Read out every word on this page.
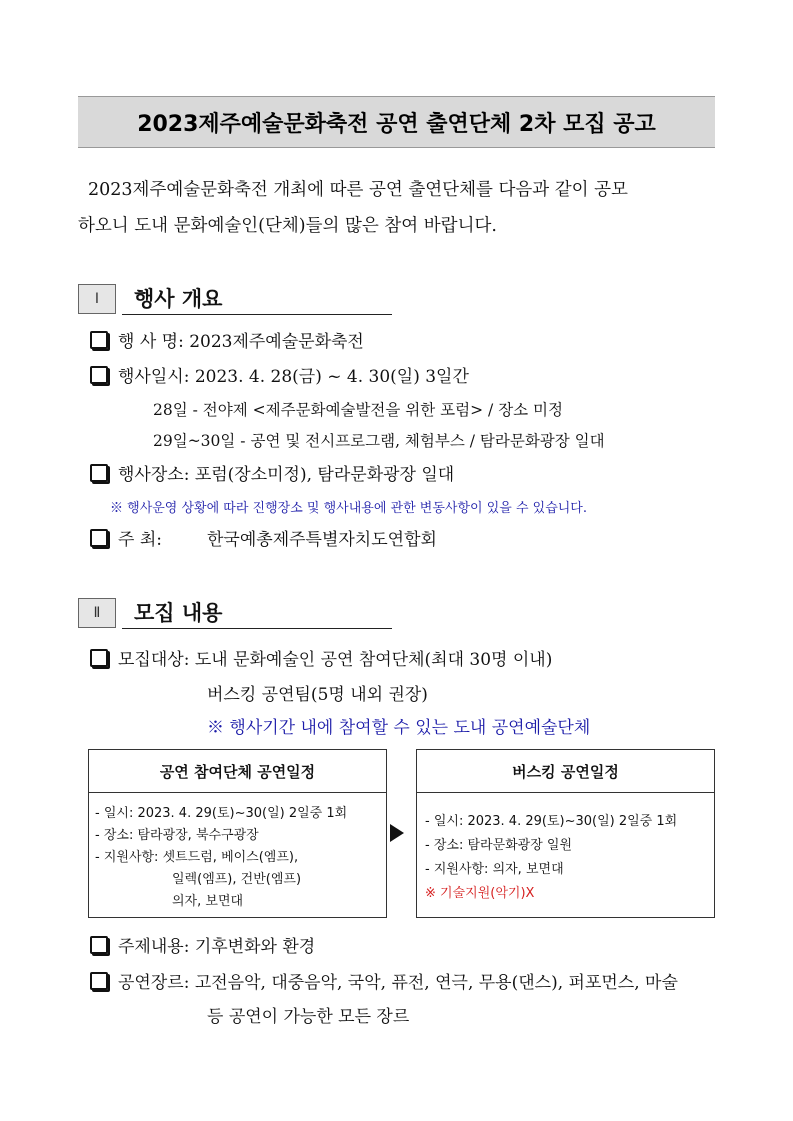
2023제주예술문화축전 공연 출연단체 2차 모집 공고
2023제주예술문화축전 개최에 따른 공연 출연단체를 다음과 같이 공모
하오니 도내 문화예술인(단체)들의 많은 참여 바랍니다.
Ⅰ	행사 개요
행 사 명: 2023제주예술문화축전
행사일시: 2023. 4. 28(금) ~ 4. 30(일) 3일간
28일 - 전야제 <제주문화예술발전을 위한 포럼> / 장소 미정
29일~30일 - 공연 및 전시프로그램, 체험부스 / 탐라문화광장 일대
행사장소: 포럼(장소미정), 탐라문화광장 일대
※ 행사운영 상황에 따라 진행장소 및 행사내용에 관한 변동사항이 있을 수 있습니다.
주 최:	한국예총제주특별자치도연합회
Ⅱ	모집 내용
모집대상: 도내 문화예술인 공연 참여단체(최대 30명 이내)
버스킹 공연팀(5명 내외 권장)
※ 행사기간 내에 참여할 수 있는 도내 공연예술단체
공연 참여단체 공연일정
- 일시: 2023. 4. 29(토)~30(일) 2일중 1회
- 장소: 탐라광장, 북수구광장
- 지원사항: 셋트드럼, 베이스(엠프),
일렉(엠프), 건반(엠프)
의자, 보면대
버스킹 공연일정
- 일시: 2023. 4. 29(토)~30(일) 2일중 1회
- 장소: 탐라문화광장 일원
- 지원사항: 의자, 보면대
※ 기술지원(악기)X
주제내용: 기후변화와 환경
공연장르: 고전음악, 대중음악, 국악, 퓨전, 연극, 무용(댄스), 퍼포먼스, 마술
등 공연이 가능한 모든 장르
